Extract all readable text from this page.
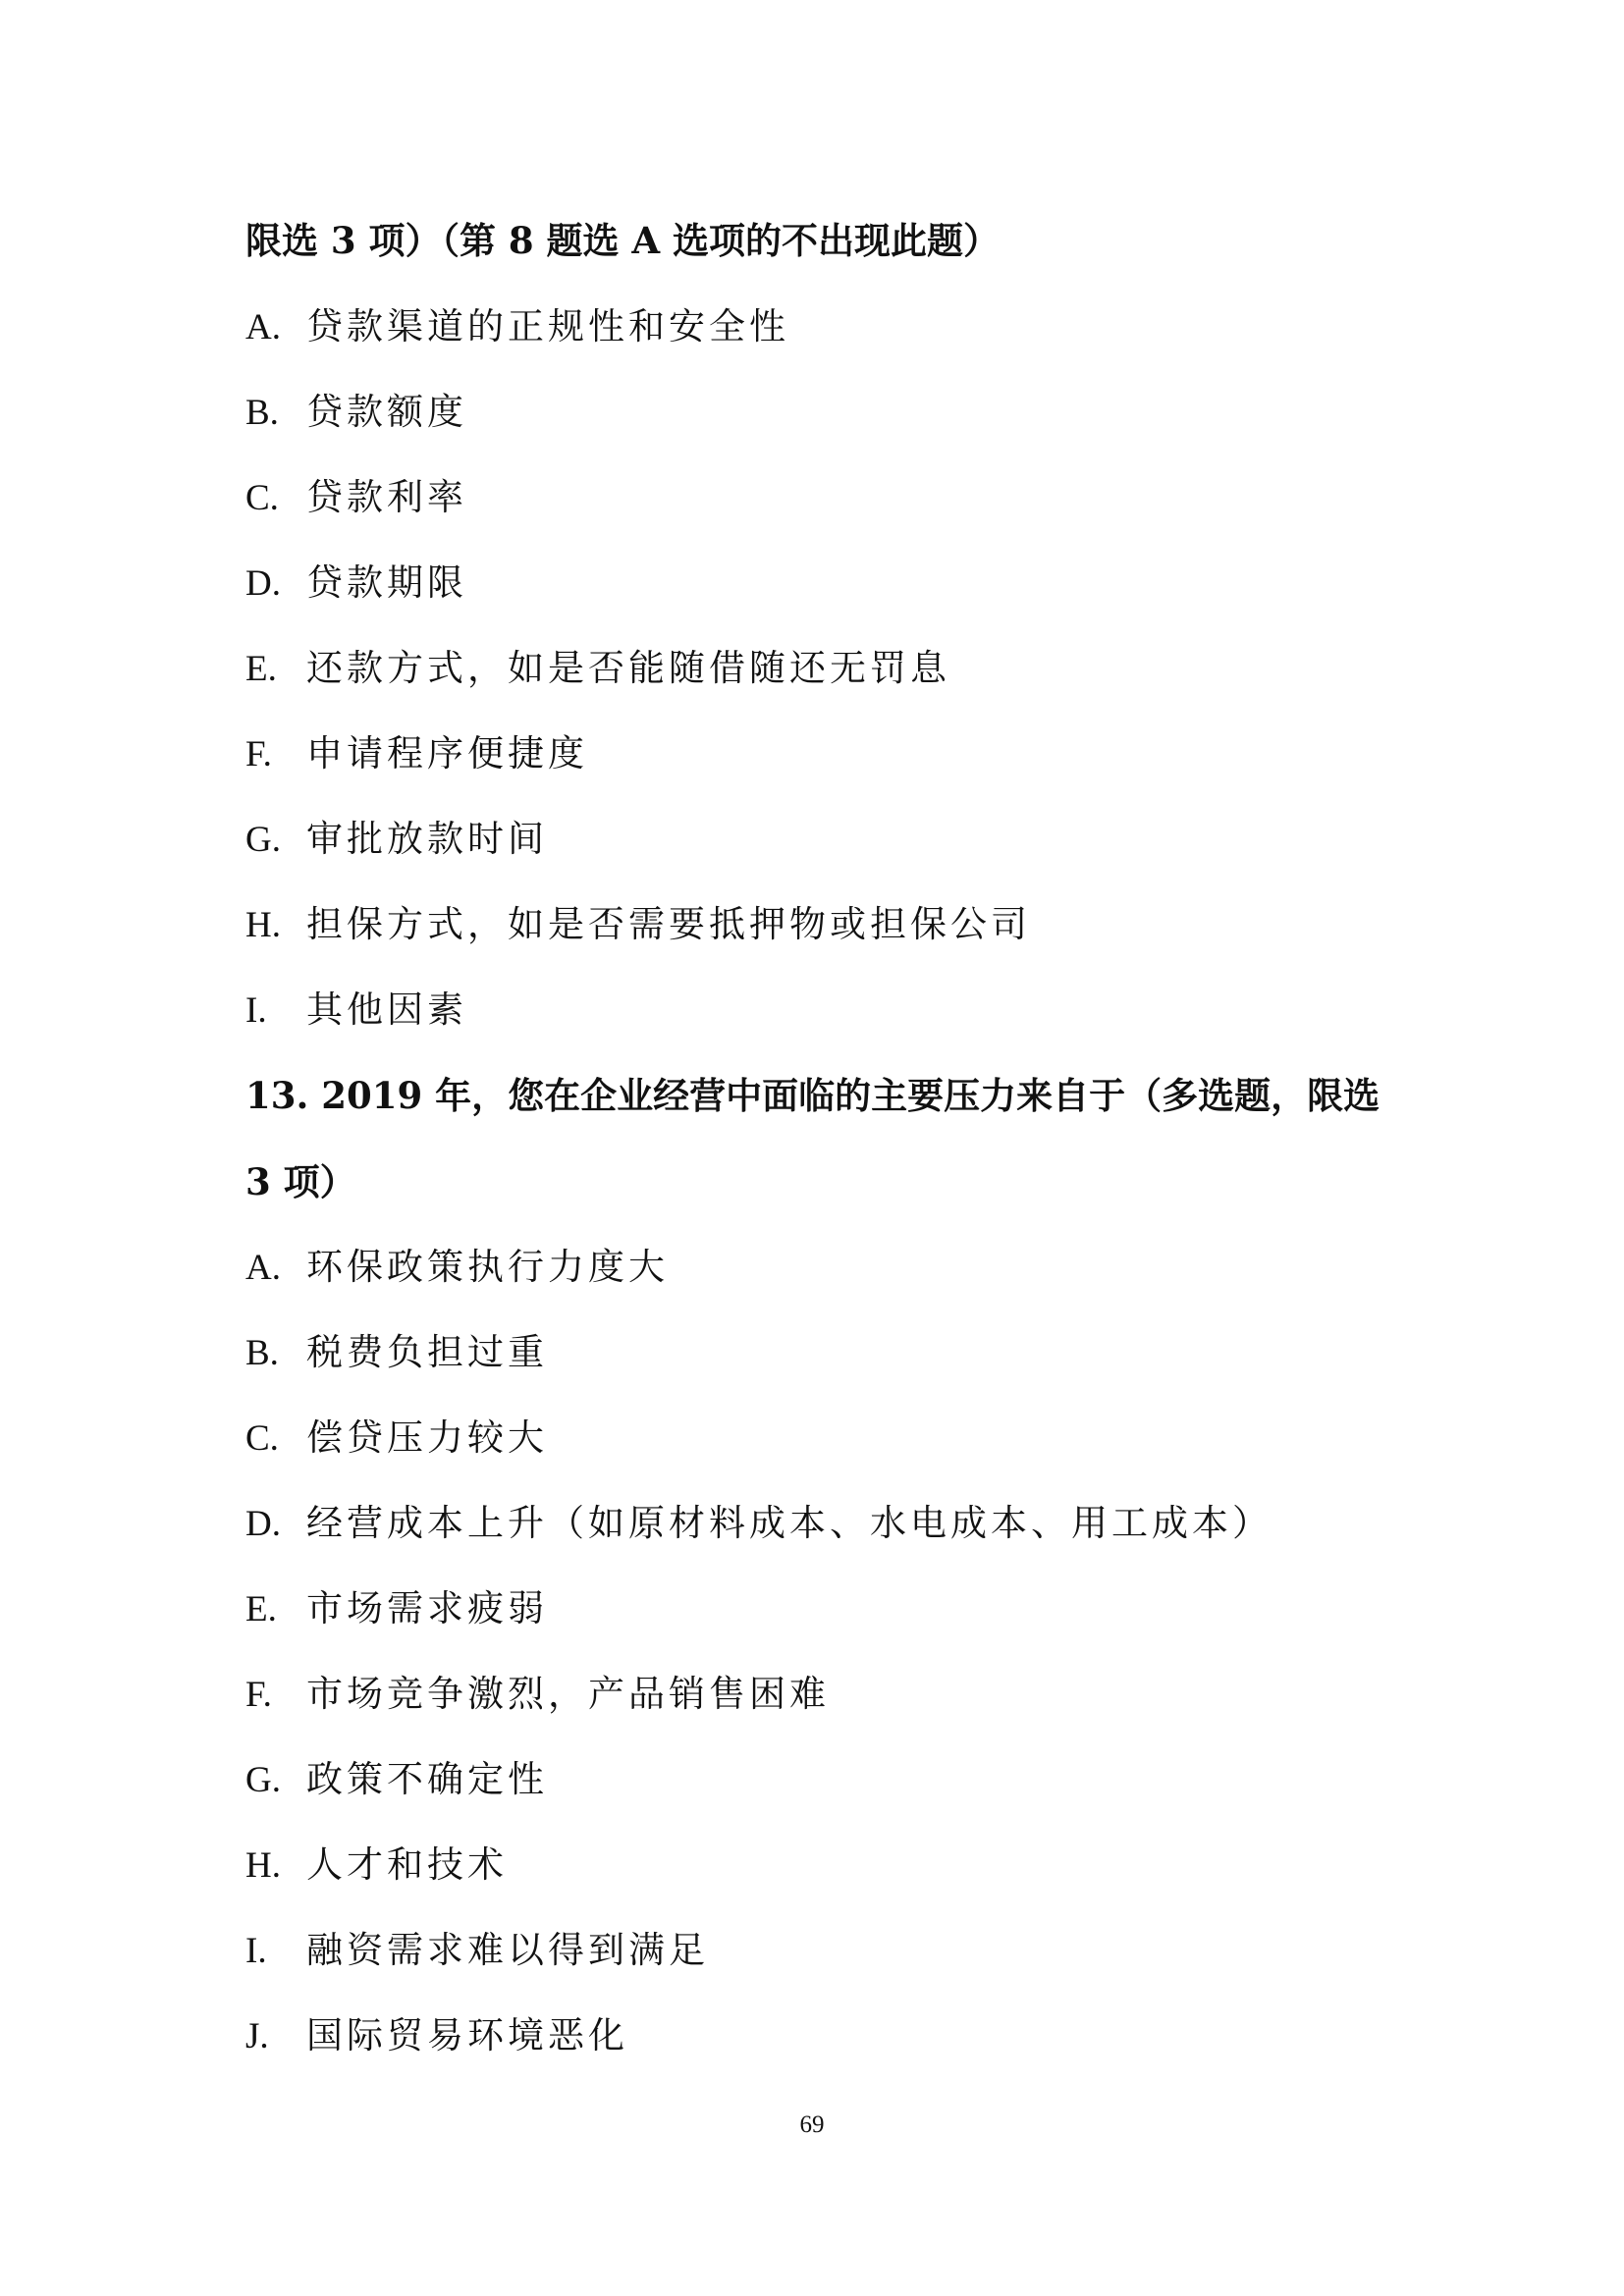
限选 3 项）（第 8 题选 A 选项的不出现此题）
A. 贷款渠道的正规性和安全性
B. 贷款额度
C. 贷款利率
D. 贷款期限
E. 还款方式，如是否能随借随还无罚息
F. 申请程序便捷度
G. 审批放款时间
H. 担保方式，如是否需要抵押物或担保公司
I. 其他因素
13. 2019 年，您在企业经营中面临的主要压力来自于（多选题，限选
3 项）
A. 环保政策执行力度大
B. 税费负担过重
C. 偿贷压力较大
D. 经营成本上升（如原材料成本、水电成本、用工成本）
E. 市场需求疲弱
F. 市场竞争激烈，产品销售困难
G. 政策不确定性
H. 人才和技术
I. 融资需求难以得到满足
J. 国际贸易环境恶化
69
